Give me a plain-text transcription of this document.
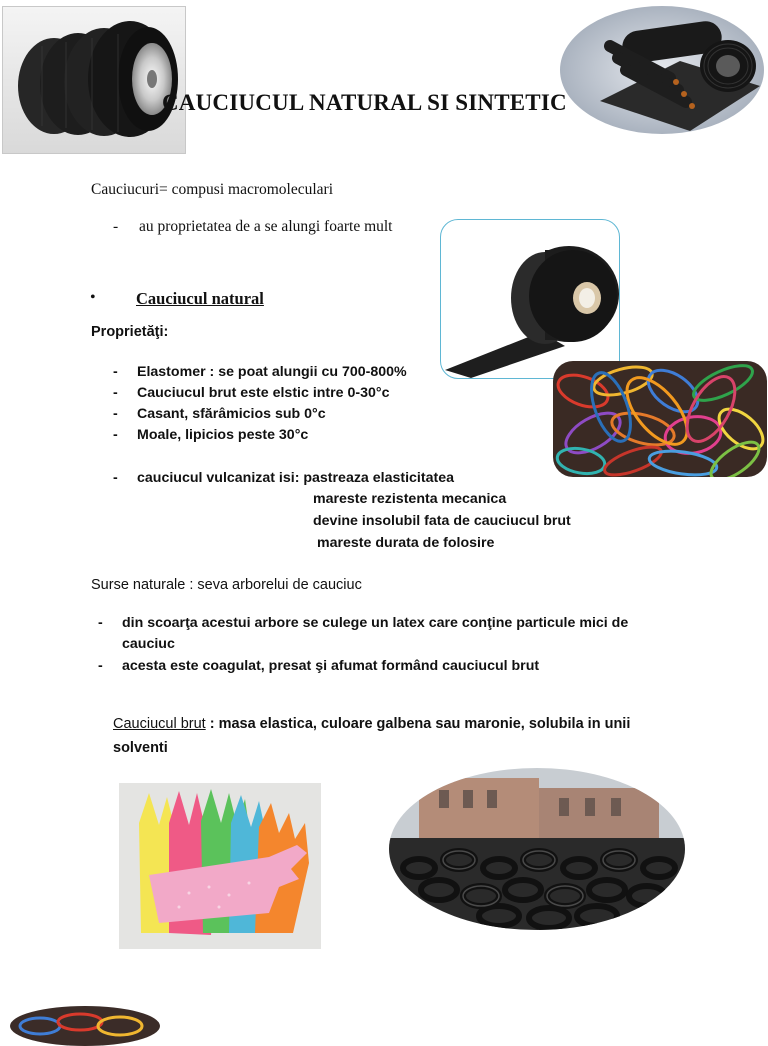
CAUCIUCUL NATURAL SI SINTETIC
Cauciucuri= compusi macromoleculari
- au proprietatea de a se alungi foarte mult
• Cauciucul natural
Proprietăţi:
- Elastomer : se poat alungii cu 700-800%
- Cauciucul brut este elstic intre 0-30°c
- Casant, sfărâmicios sub 0°c
- Moale, lipicios peste 30°c
- cauciucul vulcanizat isi: pastreaza elasticitatea
mareste rezistenta mecanica
devine insolubil fata de cauciucul brut
mareste durata de folosire
Surse naturale : seva arborelui de cauciuc
- din scoarţa acestui arbore se culege un latex care conţine particule mici de
cauciuc
- acesta este coagulat, presat şi afumat formând cauciucul brut
Cauciucul brut : masa elastica, culoare galbena sau maronie, solubila in unii
solventi
